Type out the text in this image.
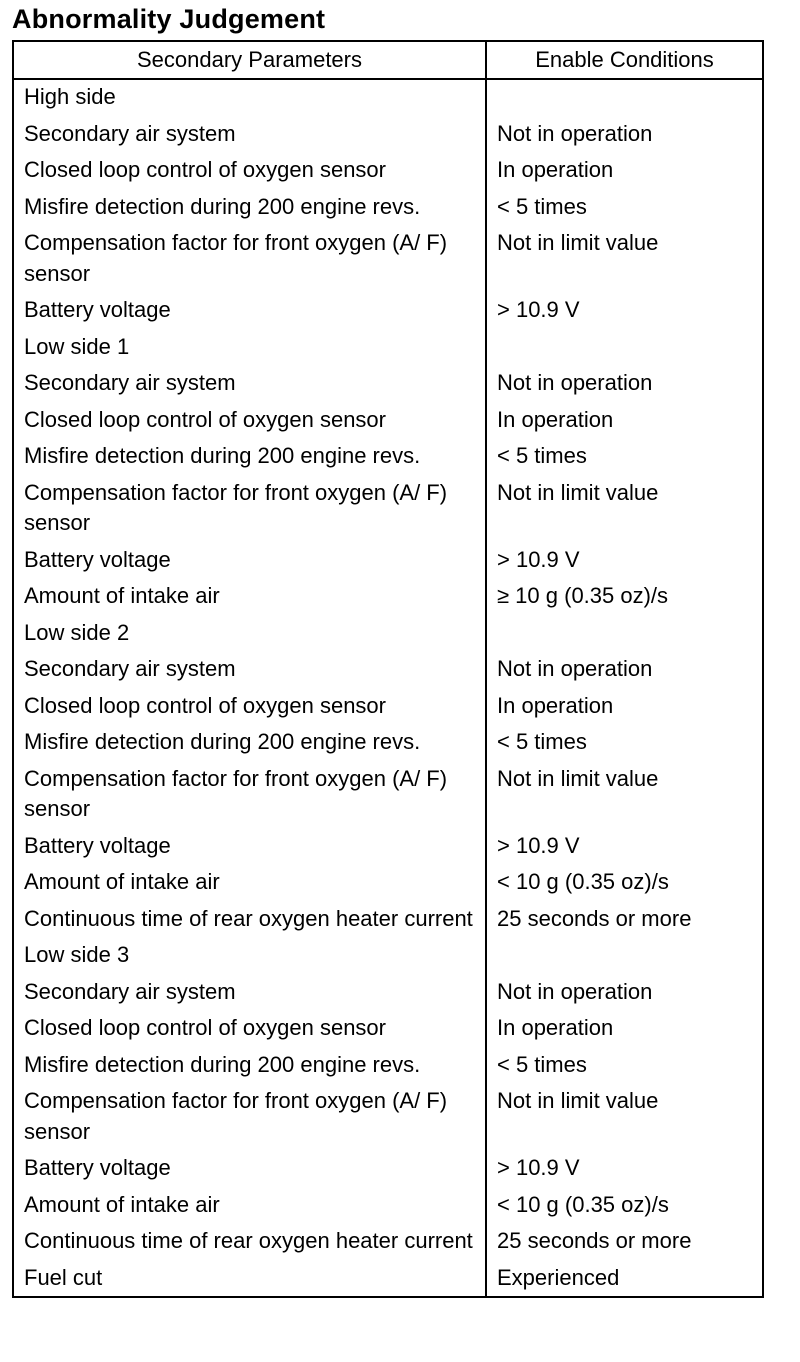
Abnormality Judgement
Secondary Parameters	Enable Conditions
High side	
Secondary air system	Not in operation
Closed loop control of oxygen sensor	In operation
Misfire detection during 200 engine revs.	< 5 times
Compensation factor for front oxygen (A/ F) sensor	Not in limit value
Battery voltage	> 10.9 V
Low side 1	
Secondary air system	Not in operation
Closed loop control of oxygen sensor	In operation
Misfire detection during 200 engine revs.	< 5 times
Compensation factor for front oxygen (A/ F) sensor	Not in limit value
Battery voltage	> 10.9 V
Amount of intake air	≥ 10 g (0.35 oz)/s
Low side 2	
Secondary air system	Not in operation
Closed loop control of oxygen sensor	In operation
Misfire detection during 200 engine revs.	< 5 times
Compensation factor for front oxygen (A/ F) sensor	Not in limit value
Battery voltage	> 10.9 V
Amount of intake air	< 10 g (0.35 oz)/s
Continuous time of rear oxygen heater current	25 seconds or more
Low side 3	
Secondary air system	Not in operation
Closed loop control of oxygen sensor	In operation
Misfire detection during 200 engine revs.	< 5 times
Compensation factor for front oxygen (A/ F) sensor	Not in limit value
Battery voltage	> 10.9 V
Amount of intake air	< 10 g (0.35 oz)/s
Continuous time of rear oxygen heater current	25 seconds or more
Fuel cut	Experienced
